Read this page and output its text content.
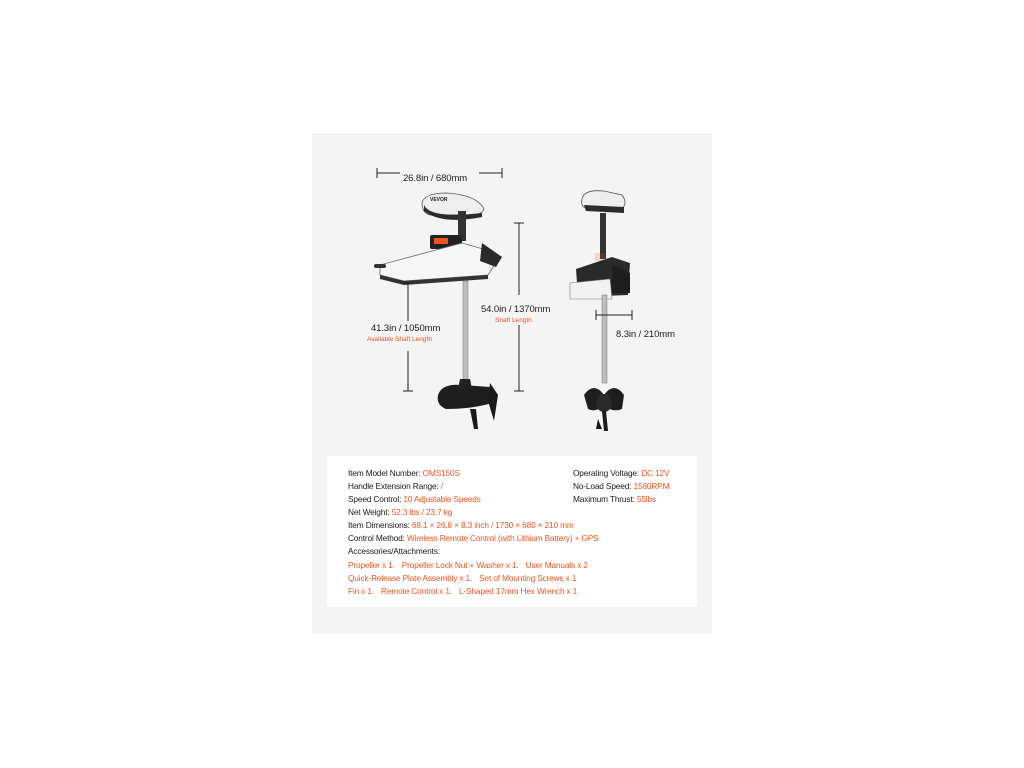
VEVOR
26.8in / 680mm
54.0in / 1370mm
Shaft Length
41.3in / 1050mm
Available Shaft Length	8.3in / 210mm
Item Model Number: OMS150S
Handle Extension Range: /
Speed Control: 10 Adjustable Speeds
Net Weight: 52.3 lbs / 23.7 kg
Item Dimensions: 68.1 × 26.8 × 8.3 inch / 1730 × 680 × 210 mm
Control Method: Wireless Remote Control (with Lithium Battery) + GPS
Accessories/Attachments:
Propeller x 1. Propeller Lock Nut + Washer x 1. User Manuals x 2
Quick-Release Plate Assembly x 1. Set of Mounting Screws x 1
Fin x 1. Remote Control x 1. L-Shaped 17mm Hex Wrench x 1
Operating Voltage: DC 12V
No-Load Speed: 1580RPM
Maximum Thrust: 55lbs
